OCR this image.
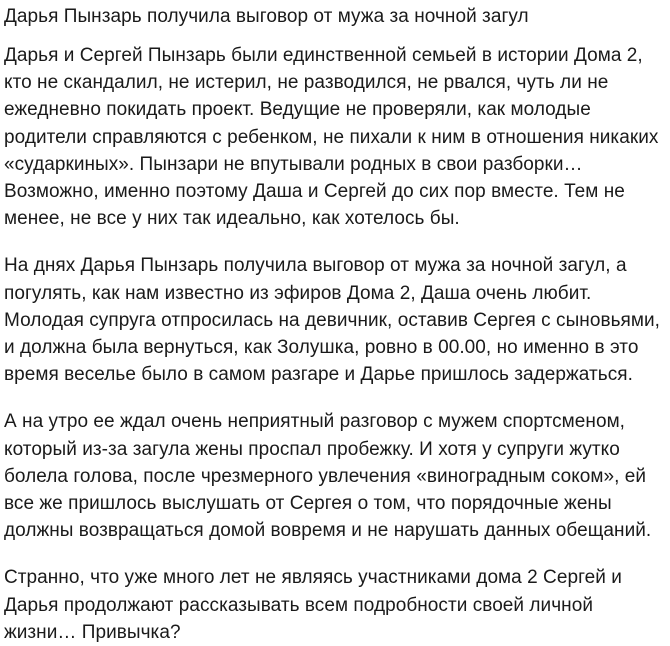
Дарья Пынзарь получила выговор от мужа за ночной загул

Дарья и Сергей Пынзарь были единственной семьей в истории Дома 2, кто не скандалил, не истерил, не разводился, не рвался, чуть ли не ежедневно покидать проект. Ведущие не проверяли, как молодые родители справляются с ребенком, не пихали к ним в отношения никаких «сударкиных». Пынзари не впутывали родных в свои разборки… Возможно, именно поэтому Даша и Сергей до сих пор вместе. Тем не менее, не все у них так идеально, как хотелось бы.

На днях Дарья Пынзарь получила выговор от мужа за ночной загул, а погулять, как нам известно из эфиров Дома 2, Даша очень любит. Молодая супруга отпросилась на девичник, оставив Сергея с сыновьями, и должна была вернуться, как Золушка, ровно в 00.00, но именно в это время веселье было в самом разгаре и Дарье пришлось задержаться.

А на утро ее ждал очень неприятный разговор с мужем спортсменом, который из-за загула жены проспал пробежку. И хотя у супруги жутко болела голова, после чрезмерного увлечения «виноградным соком», ей все же пришлось выслушать от Сергея о том, что порядочные жены должны возвращаться домой вовремя и не нарушать данных обещаний.

Странно, что уже много лет не являясь участниками дома 2 Сергей и Дарья продолжают рассказывать всем подробности своей личной жизни… Привычка?
